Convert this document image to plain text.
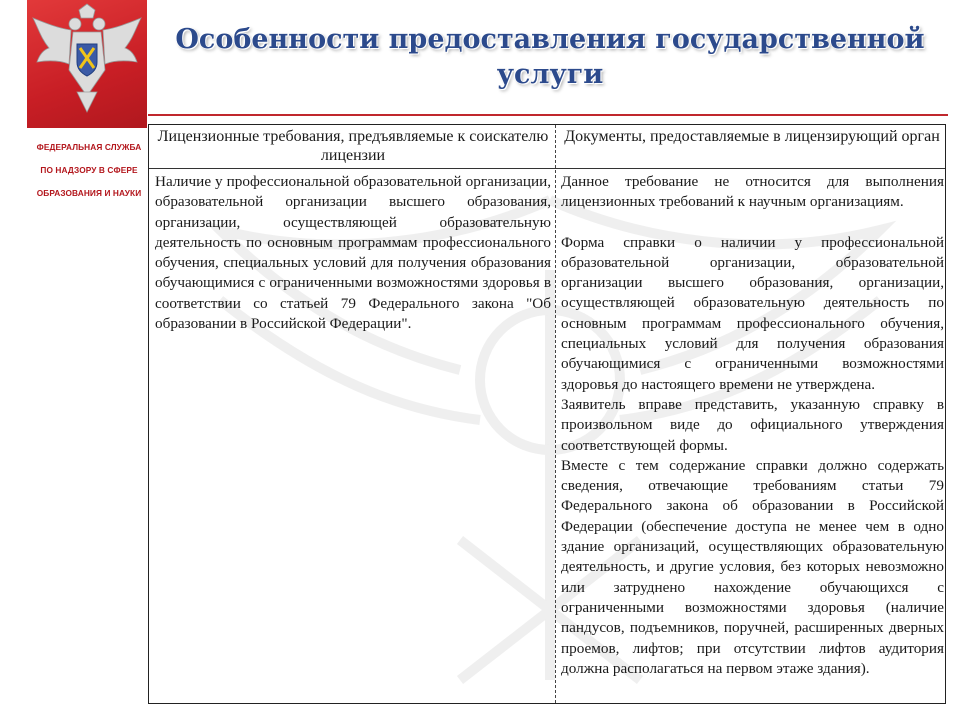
ФЕДЕРАЛЬНАЯ СЛУЖБА
ПО НАДЗОРУ В СФЕРЕ
ОБРАЗОВАНИЯ И НАУКИ
Особенности предоставления государственной услуги
Лицензионные требования, предъявляемые к соискателю лицензии
Документы, предоставляемые в лицензирующий орган

Наличие у профессиональной образовательной организации, образовательной организации высшего образования, организации, осуществляющей образовательную деятельность по основным программам профессионального обучения, специальных условий для получения образования обучающимися с ограниченными возможностями здоровья в соответствии со статьей 79 Федерального закона "Об образовании в Российской Федерации".

Данное требование не относится для выполнения лицензионных требований к научным организациям.

Форма справки о наличии у профессиональной образовательной организации, образовательной организации высшего образования, организации, осуществляющей образовательную деятельность по основным программам профессионального обучения, специальных условий для получения образования обучающимися с ограниченными возможностями здоровья до настоящего времени не утверждена.

Заявитель вправе представить, указанную справку в произвольном виде до официального утверждения соответствующей формы.

Вместе с тем содержание справки должно содержать сведения, отвечающие требованиям статьи 79 Федерального закона об образовании в Российской Федерации (обеспечение доступа не менее чем в одно здание организаций, осуществляющих образовательную деятельность, и другие условия, без которых невозможно или затруднено нахождение обучающихся с ограниченными возможностями здоровья (наличие пандусов, подъемников, поручней, расширенных дверных проемов, лифтов; при отсутствии лифтов аудитория должна располагаться на первом этаже здания).
